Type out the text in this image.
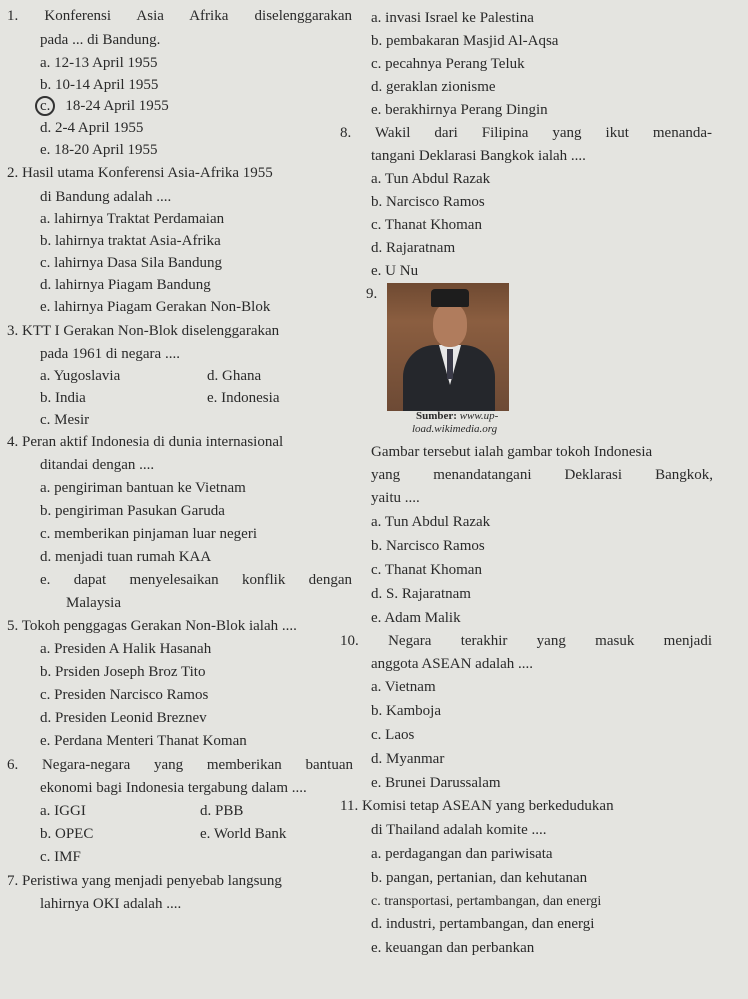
1. Konferensi Asia Afrika diselenggarakan
pada ... di Bandung.
a. 12-13 April 1955
b. 10-14 April 1955
c. 18-24 April 1955
d. 2-4 April 1955
e. 18-20 April 1955
2. Hasil utama Konferensi Asia-Afrika 1955
di Bandung adalah ....
a. lahirnya Traktat Perdamaian
b. lahirnya traktat Asia-Afrika
c. lahirnya Dasa Sila Bandung
d. lahirnya Piagam Bandung
e. lahirnya Piagam Gerakan Non-Blok
3. KTT I Gerakan Non-Blok diselenggarakan
pada 1961 di negara ....
a. Yugoslavia	d. Ghana
b. India	e. Indonesia
c. Mesir
4. Peran aktif Indonesia di dunia internasional
ditandai dengan ....
a. pengiriman bantuan ke Vietnam
b. pengiriman Pasukan Garuda
c. memberikan pinjaman luar negeri
d. menjadi tuan rumah KAA
e. dapat menyelesaikan konflik dengan
Malaysia
5. Tokoh penggagas Gerakan Non-Blok ialah ....
a. Presiden A Halik Hasanah
b. Prsiden Joseph Broz Tito
c. Presiden Narcisco Ramos
d. Presiden Leonid Breznev
e. Perdana Menteri Thanat Koman
6. Negara-negara yang memberikan bantuan
ekonomi bagi Indonesia tergabung dalam ....
a. IGGI	d. PBB
b. OPEC	e. World Bank
c. IMF
7. Peristiwa yang menjadi penyebab langsung
lahirnya OKI adalah ....
a. invasi Israel ke Palestina
b. pembakaran Masjid Al-Aqsa
c. pecahnya Perang Teluk
d. geraklan zionisme
e. berakhirnya Perang Dingin
8. Wakil dari Filipina yang ikut menanda-
tangani Deklarasi Bangkok ialah ....
a. Tun Abdul Razak
b. Narcisco Ramos
c. Thanat Khoman
d. Rajaratnam
e. U Nu
9.
Sumber: www.up-
load.wikimedia.org
Gambar tersebut ialah gambar tokoh Indonesia
yang menandatangani Deklarasi Bangkok,
yaitu ....
a. Tun Abdul Razak
b. Narcisco Ramos
c. Thanat Khoman
d. S. Rajaratnam
e. Adam Malik
10. Negara terakhir yang masuk menjadi
anggota ASEAN adalah ....
a. Vietnam
b. Kamboja
c. Laos
d. Myanmar
e. Brunei Darussalam
11. Komisi tetap ASEAN yang berkedudukan
di Thailand adalah komite ....
a. perdagangan dan pariwisata
b. pangan, pertanian, dan kehutanan
c. transportasi, pertambangan, dan energi
d. industri, pertambangan, dan energi
e. keuangan dan perbankan
